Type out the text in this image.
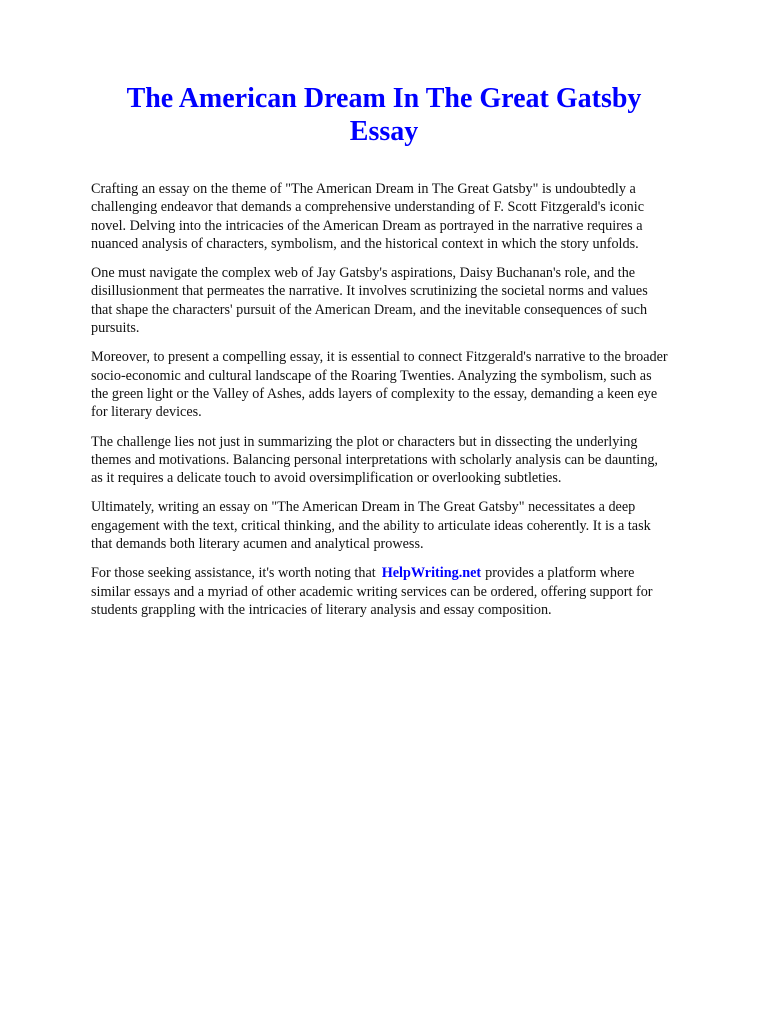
The American Dream In The Great Gatsby
Essay

Crafting an essay on the theme of "The American Dream in The Great Gatsby" is undoubtedly a
challenging endeavor that demands a comprehensive understanding of F. Scott Fitzgerald's iconic
novel. Delving into the intricacies of the American Dream as portrayed in the narrative requires a
nuanced analysis of characters, symbolism, and the historical context in which the story unfolds.

One must navigate the complex web of Jay Gatsby's aspirations, Daisy Buchanan's role, and the
disillusionment that permeates the narrative. It involves scrutinizing the societal norms and values
that shape the characters' pursuit of the American Dream, and the inevitable consequences of such
pursuits.

Moreover, to present a compelling essay, it is essential to connect Fitzgerald's narrative to the broader
socio-economic and cultural landscape of the Roaring Twenties. Analyzing the symbolism, such as
the green light or the Valley of Ashes, adds layers of complexity to the essay, demanding a keen eye
for literary devices.

The challenge lies not just in summarizing the plot or characters but in dissecting the underlying
themes and motivations. Balancing personal interpretations with scholarly analysis can be daunting,
as it requires a delicate touch to avoid oversimplification or overlooking subtleties.

Ultimately, writing an essay on "The American Dream in The Great Gatsby" necessitates a deep
engagement with the text, critical thinking, and the ability to articulate ideas coherently. It is a task
that demands both literary acumen and analytical prowess.

For those seeking assistance, it's worth noting that HelpWriting.net provides a platform where
similar essays and a myriad of other academic writing services can be ordered, offering support for
students grappling with the intricacies of literary analysis and essay composition.
